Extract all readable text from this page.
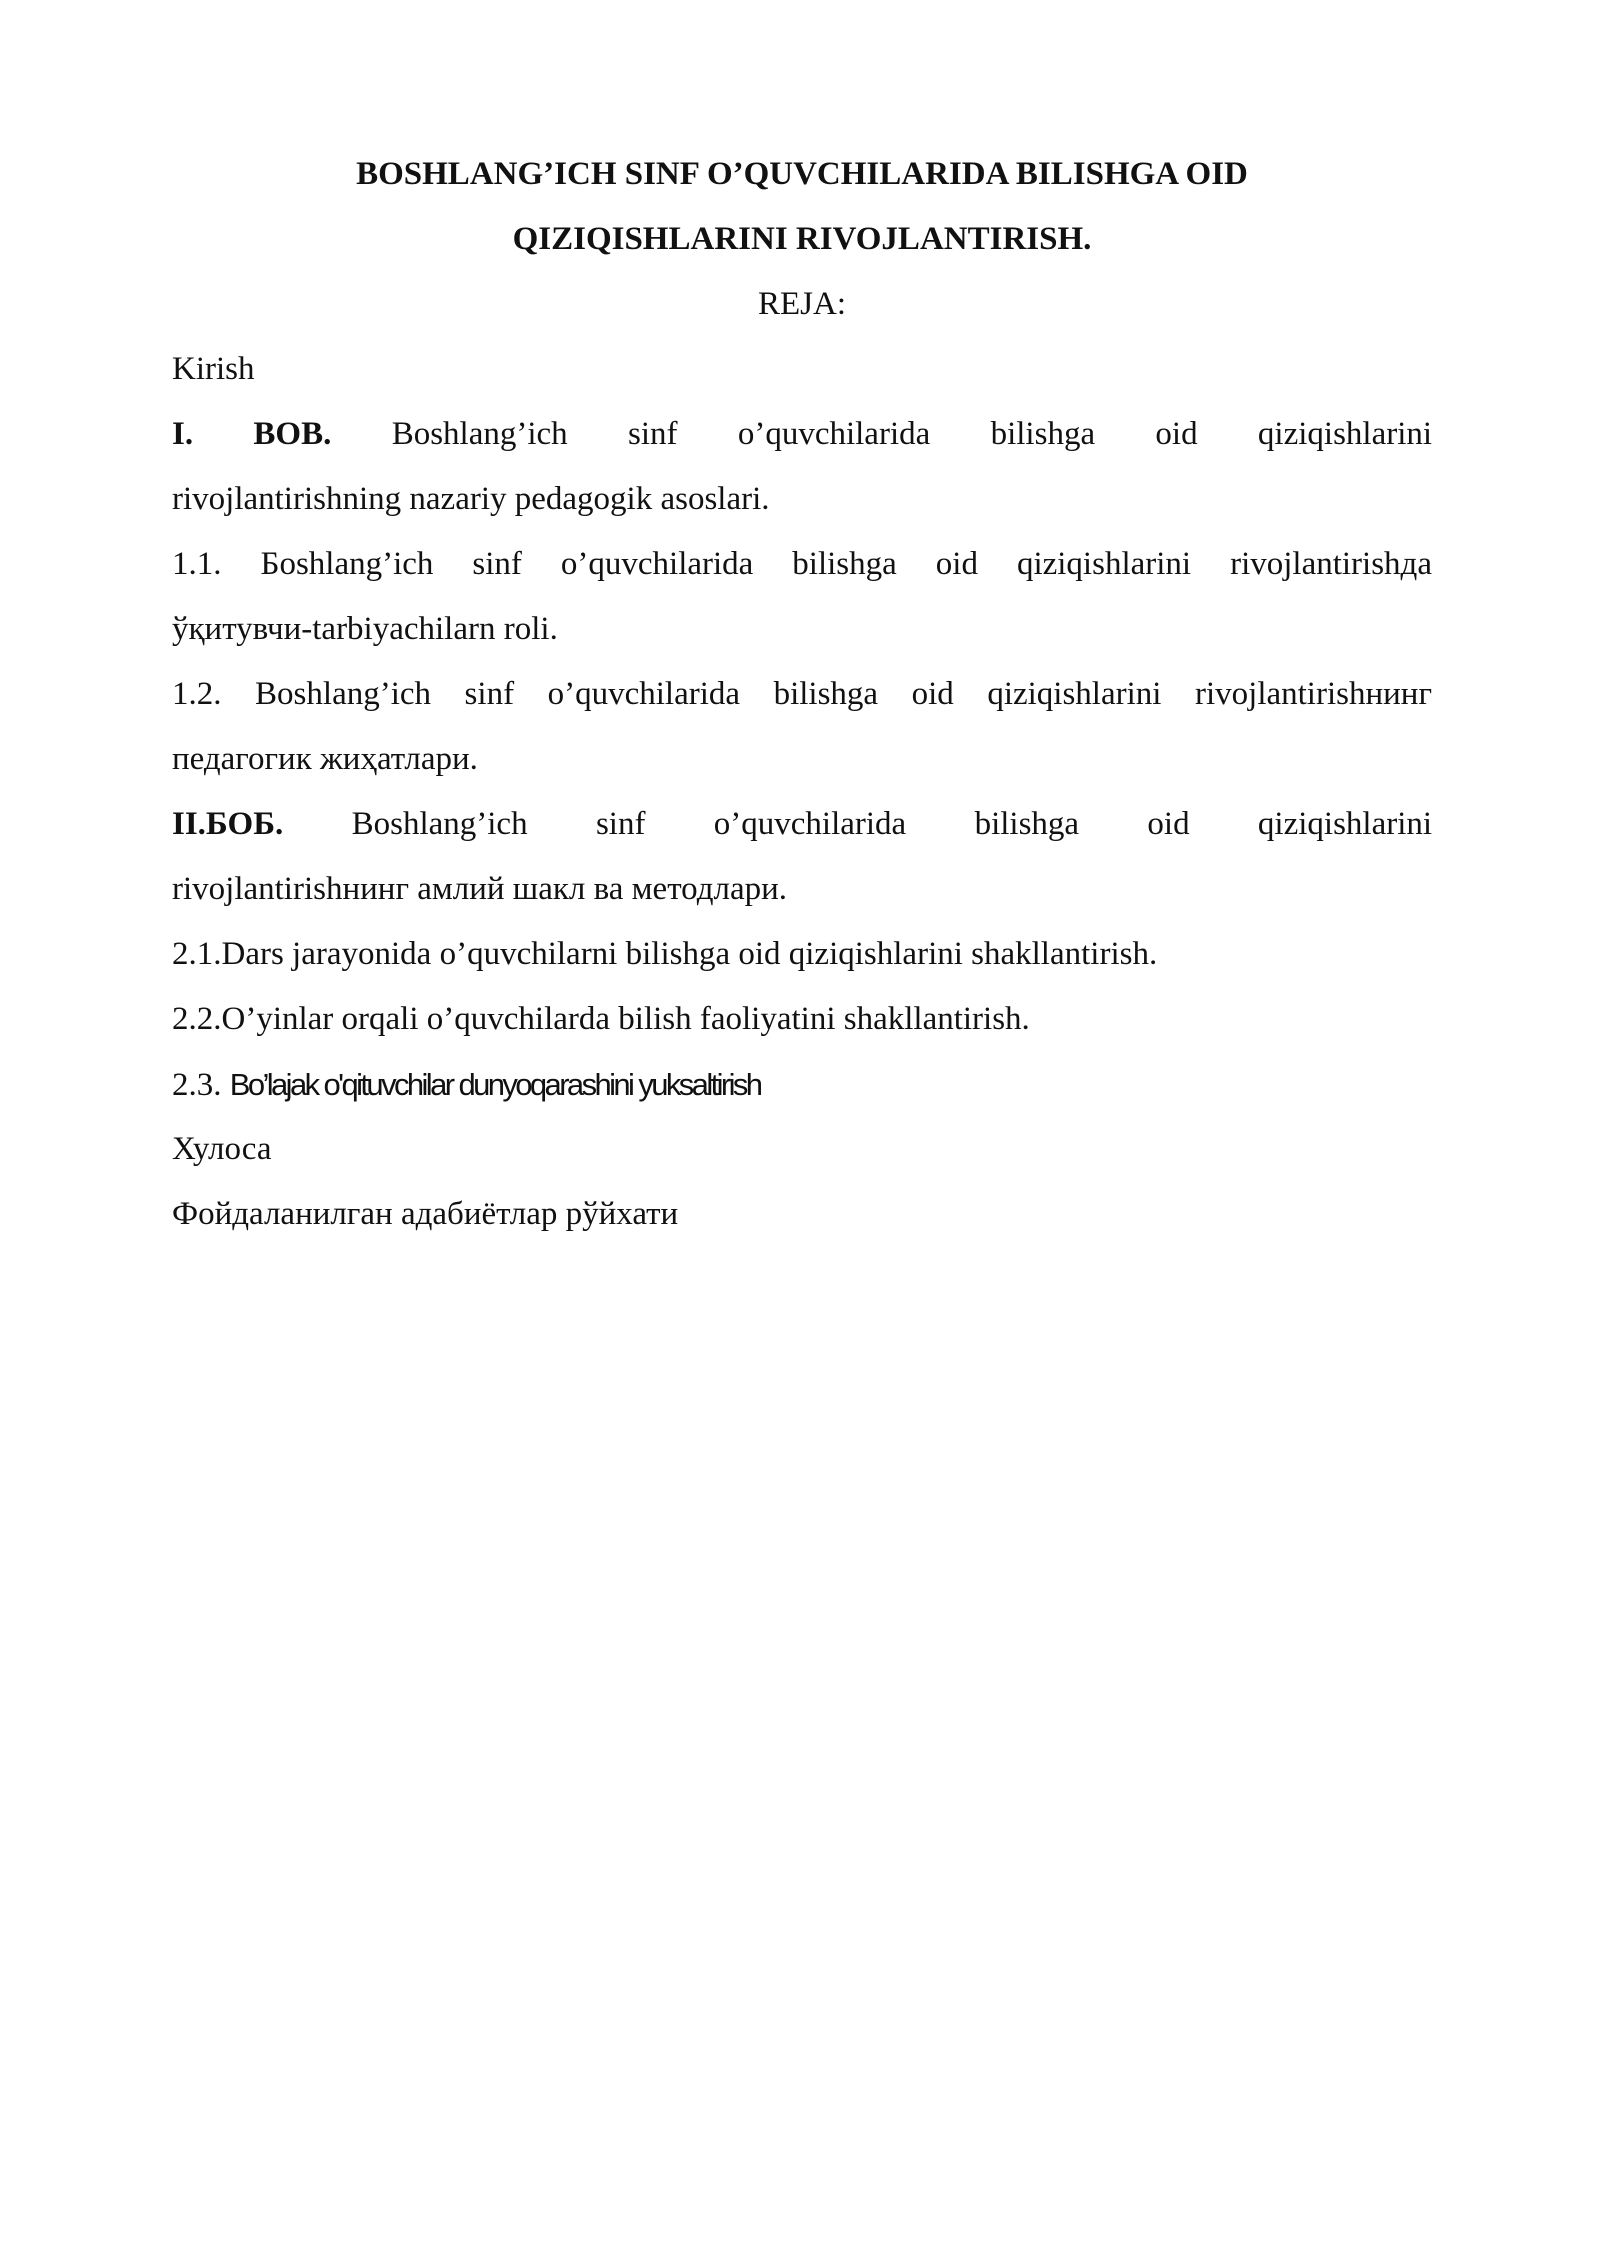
BOSHLANG’ICH SINF O’QUVCHILARIDA BILISHGA OID
QIZIQISHLARINI RIVOJLANTIRISH.
REJA:
Kirish
I. BOB. Boshlang’ich sinf o’quvchilarida bilishga oid qiziqishlarini
rivojlantirishning nazariy pedagogik asoslari.
1.1. Бoshlang’ich sinf o’quvchilarida bilishga oid qiziqishlarini rivojlantirishда
ўқитувчи-tarbiyachilarn roli.
1.2. Boshlang’ich sinf o’quvchilarida bilishga oid qiziqishlarini rivojlantirishнинг
педагогик жиҳатлари.
II.БОБ. Boshlang’ich sinf o’quvchilarida bilishga oid qiziqishlarini
rivojlantirishнинг амлий шакл ва методлари.
2.1.Dars jarayonida o’quvchilarni bilishga oid qiziqishlarini shakllantirish.
2.2.O’yinlar orqali o’quvchilarda bilish faoliyatini shakllantirish.
2.3. Bo’lajak o'qituvchilar dunyoqarashini yuksaltirish
Хулоса
Фойдаланилган адабиётлар рўйхати
